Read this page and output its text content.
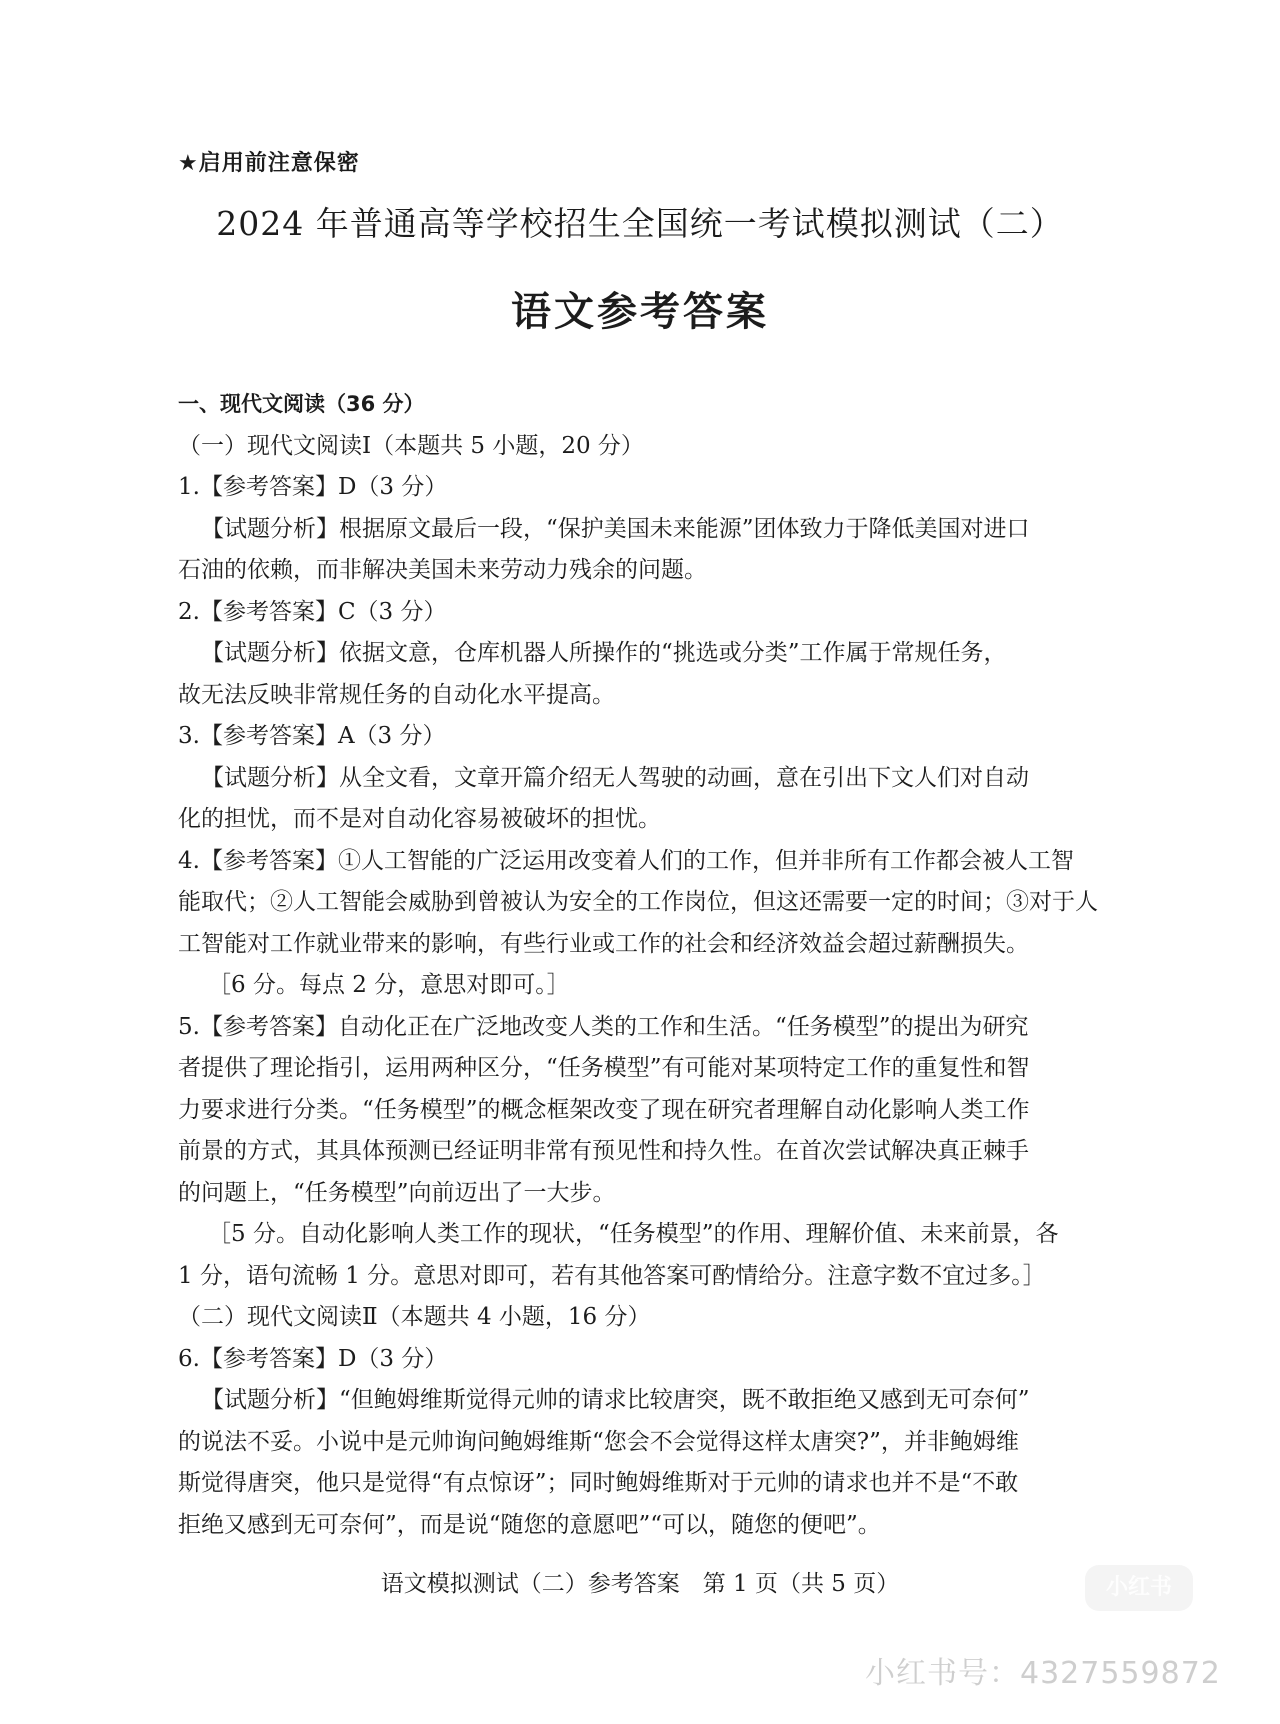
★启用前注意保密
2024 年普通高等学校招生全国统一考试模拟测试（二）
语文参考答案
一、现代文阅读（36 分）
（一）现代文阅读Ⅰ（本题共 5 小题，20 分）
1.【参考答案】D（3 分）
【试题分析】根据原文最后一段，“保护美国未来能源”团体致力于降低美国对进口
石油的依赖，而非解决美国未来劳动力残余的问题。
2.【参考答案】C（3 分）
【试题分析】依据文意，仓库机器人所操作的“挑选或分类”工作属于常规任务，
故无法反映非常规任务的自动化水平提高。
3.【参考答案】A（3 分）
【试题分析】从全文看，文章开篇介绍无人驾驶的动画，意在引出下文人们对自动
化的担忧，而不是对自动化容易被破坏的担忧。
4.【参考答案】①人工智能的广泛运用改变着人们的工作，但并非所有工作都会被人工智
能取代；②人工智能会威胁到曾被认为安全的工作岗位，但这还需要一定的时间；③对于人
工智能对工作就业带来的影响，有些行业或工作的社会和经济效益会超过薪酬损失。
［6 分。每点 2 分，意思对即可。］
5.【参考答案】自动化正在广泛地改变人类的工作和生活。“任务模型”的提出为研究
者提供了理论指引，运用两种区分，“任务模型”有可能对某项特定工作的重复性和智
力要求进行分类。“任务模型”的概念框架改变了现在研究者理解自动化影响人类工作
前景的方式，其具体预测已经证明非常有预见性和持久性。在首次尝试解决真正棘手
的问题上，“任务模型”向前迈出了一大步。
［5 分。自动化影响人类工作的现状，“任务模型”的作用、理解价值、未来前景，各
1 分，语句流畅 1 分。意思对即可，若有其他答案可酌情给分。注意字数不宜过多。］
（二）现代文阅读Ⅱ（本题共 4 小题，16 分）
6.【参考答案】D（3 分）
【试题分析】“但鲍姆维斯觉得元帅的请求比较唐突，既不敢拒绝又感到无可奈何”
的说法不妥。小说中是元帅询问鲍姆维斯“您会不会觉得这样太唐突?”，并非鲍姆维
斯觉得唐突，他只是觉得“有点惊讶”；同时鲍姆维斯对于元帅的请求也并不是“不敢
拒绝又感到无可奈何”，而是说“随您的意愿吧”“可以，随您的便吧”。
语文模拟测试（二）参考答案　第 1 页（共 5 页）	小红书
小红书号：4327559872
